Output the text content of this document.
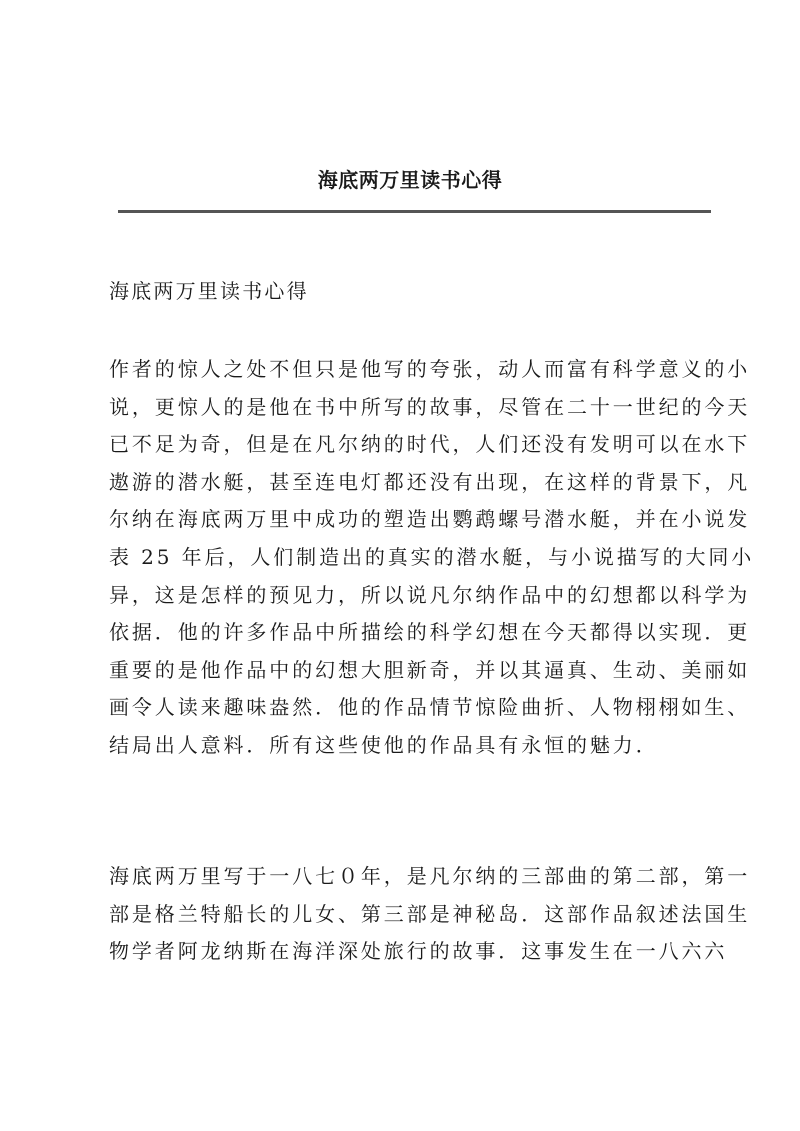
海底两万里读书心得
海底两万里读书心得
作者的惊人之处不但只是他写的夸张，动人而富有科学意义的小
说，更惊人的是他在书中所写的故事，尽管在二十一世纪的今天
已不足为奇，但是在凡尔纳的时代，人们还没有发明可以在水下
遨游的潜水艇，甚至连电灯都还没有出现，在这样的背景下，凡
尔纳在海底两万里中成功的塑造出鹦鹉螺号潜水艇，并在小说发
表 25 年后，人们制造出的真实的潜水艇，与小说描写的大同小
异，这是怎样的预见力，所以说凡尔纳作品中的幻想都以科学为
依据．他的许多作品中所描绘的科学幻想在今天都得以实现．更
重要的是他作品中的幻想大胆新奇，并以其逼真、生动、美丽如
画令人读来趣味盎然．他的作品情节惊险曲折、人物栩栩如生、
结局出人意料．所有这些使他的作品具有永恒的魅力．
海底两万里写于一八七０年，是凡尔纳的三部曲的第二部，第一
部是格兰特船长的儿女、第三部是神秘岛．这部作品叙述法国生
物学者阿龙纳斯在海洋深处旅行的故事．这事发生在一八六六
